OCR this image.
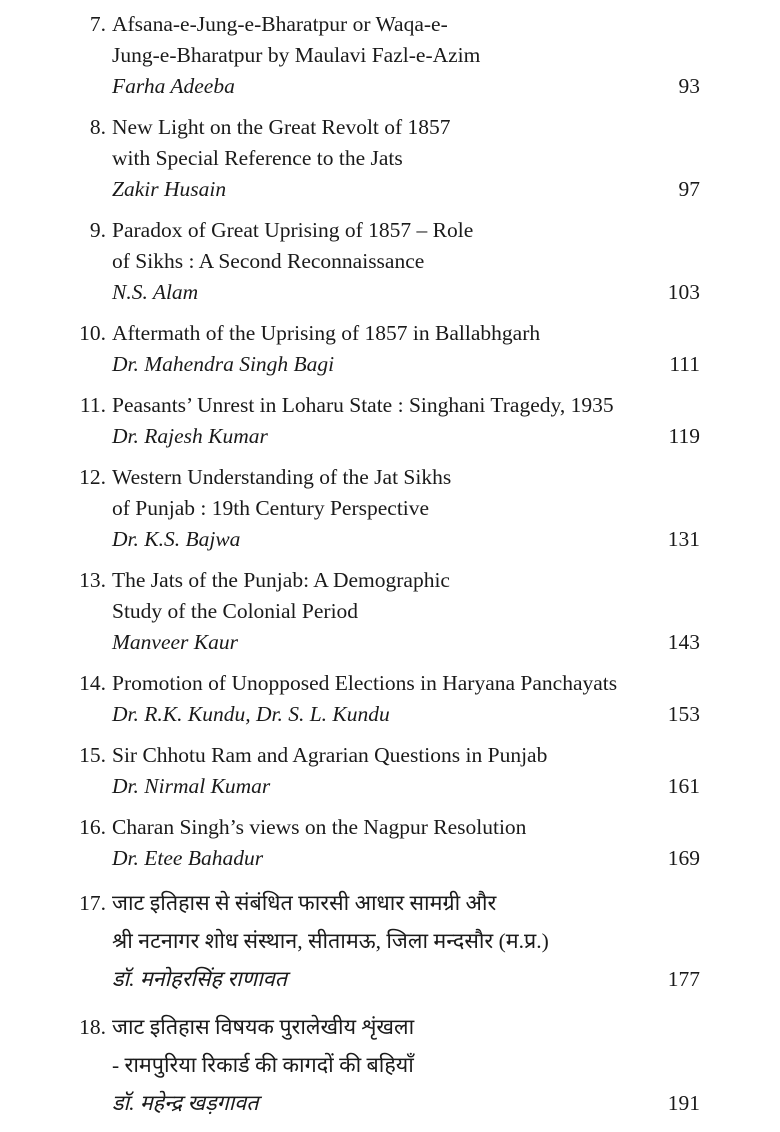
7. Afsana-e-Jung-e-Bharatpur or Waqa-e-
Jung-e-Bharatpur by Maulavi Fazl-e-Azim
Farha Adeeba	93
8. New Light on the Great Revolt of 1857
with Special Reference to the Jats
Zakir Husain	97
9. Paradox of Great Uprising of 1857 – Role
of Sikhs : A Second Reconnaissance
N.S. Alam	103
10. Aftermath of the Uprising of 1857 in Ballabhgarh
Dr. Mahendra Singh Bagi	111
11. Peasants’ Unrest in Loharu State : Singhani Tragedy, 1935
Dr. Rajesh Kumar	119
12. Western Understanding of the Jat Sikhs
of Punjab : 19th Century Perspective
Dr. K.S. Bajwa	131
13. The Jats of the Punjab: A Demographic
Study of the Colonial Period
Manveer Kaur	143
14. Promotion of Unopposed Elections in Haryana Panchayats
Dr. R.K. Kundu, Dr. S. L. Kundu	153
15. Sir Chhotu Ram and Agrarian Questions in Punjab
Dr. Nirmal Kumar	161
16. Charan Singh’s views on the Nagpur Resolution
Dr. Etee Bahadur	169
17. जाट इतिहास से संबंधित फारसी आधार सामग्री और
श्री नटनागर शोध संस्थान, सीतामऊ, जिला मन्दसौर (म.प्र.)
डॉ. मनोहरसिंह राणावत	177
18. जाट इतिहास विषयक पुरालेखीय शृंखला
- रामपुरिया रिकार्ड की कागदों की बहियाँ
डॉ. महेन्द्र खड़गावत	191
